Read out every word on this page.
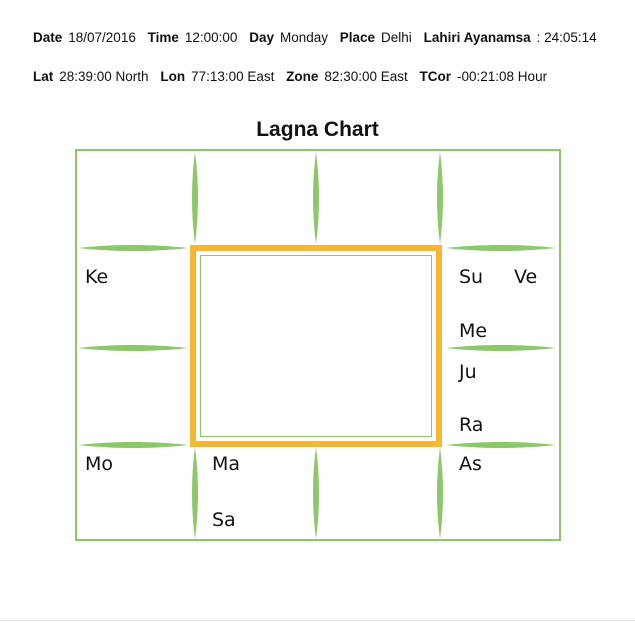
Date 18/07/2016 Time 12:00:00 Day Monday Place Delhi Lahiri Ayanamsa : 24:05:14
Lat 28:39:00 North Lon 77:13:00 East Zone 82:30:00 East TCor -00:21:08 Hour
Lagna Chart
Su Ve
Me
Ju
Ra
As
Ke
Mo	Ma
Sa
